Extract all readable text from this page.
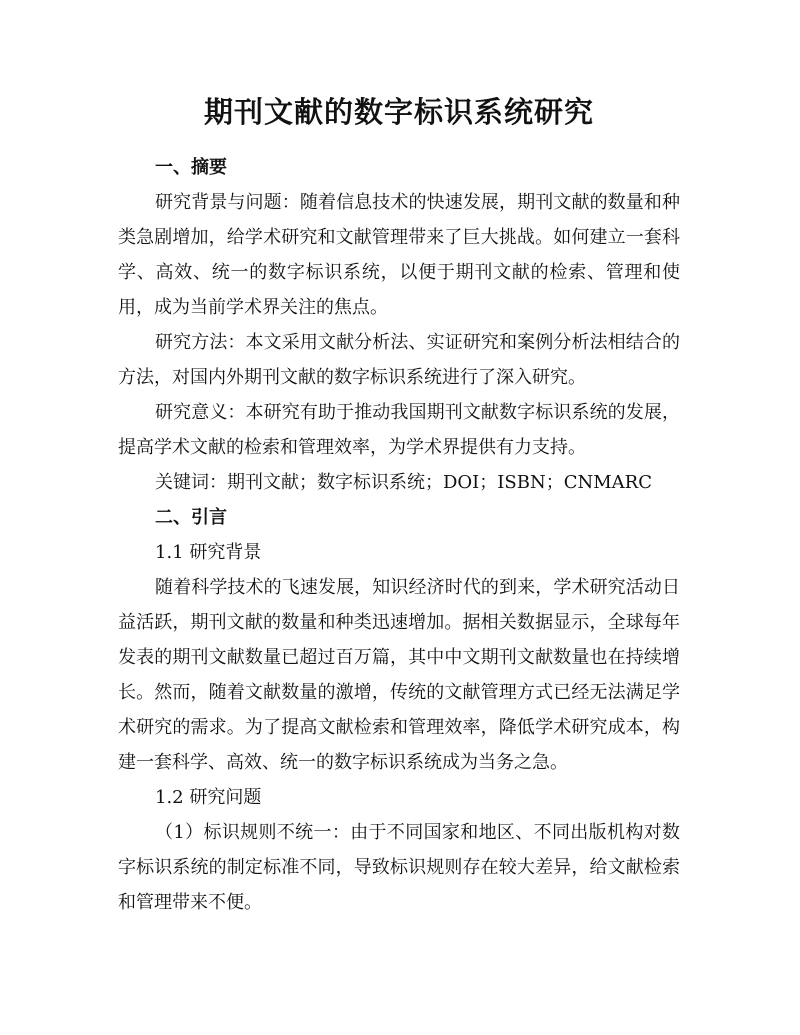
期刊文献的数字标识系统研究
一、摘要

研究背景与问题：随着信息技术的快速发展，期刊文献的数量和种类急剧增加，给学术研究和文献管理带来了巨大挑战。如何建立一套科学、高效、统一的数字标识系统，以便于期刊文献的检索、管理和使用，成为当前学术界关注的焦点。

研究方法：本文采用文献分析法、实证研究和案例分析法相结合的方法，对国内外期刊文献的数字标识系统进行了深入研究。

研究意义：本研究有助于推动我国期刊文献数字标识系统的发展，提高学术文献的检索和管理效率，为学术界提供有力支持。

关键词：期刊文献；数字标识系统；DOI；ISBN；CNMARC

二、引言

1.1 研究背景

随着科学技术的飞速发展，知识经济时代的到来，学术研究活动日益活跃，期刊文献的数量和种类迅速增加。据相关数据显示，全球每年发表的期刊文献数量已超过百万篇，其中中文期刊文献数量也在持续增长。然而，随着文献数量的激增，传统的文献管理方式已经无法满足学术研究的需求。为了提高文献检索和管理效率，降低学术研究成本，构建一套科学、高效、统一的数字标识系统成为当务之急。

1.2 研究问题

（1）标识规则不统一：由于不同国家和地区、不同出版机构对数字标识系统的制定标准不同，导致标识规则存在较大差异，给文献检索和管理带来不便。
